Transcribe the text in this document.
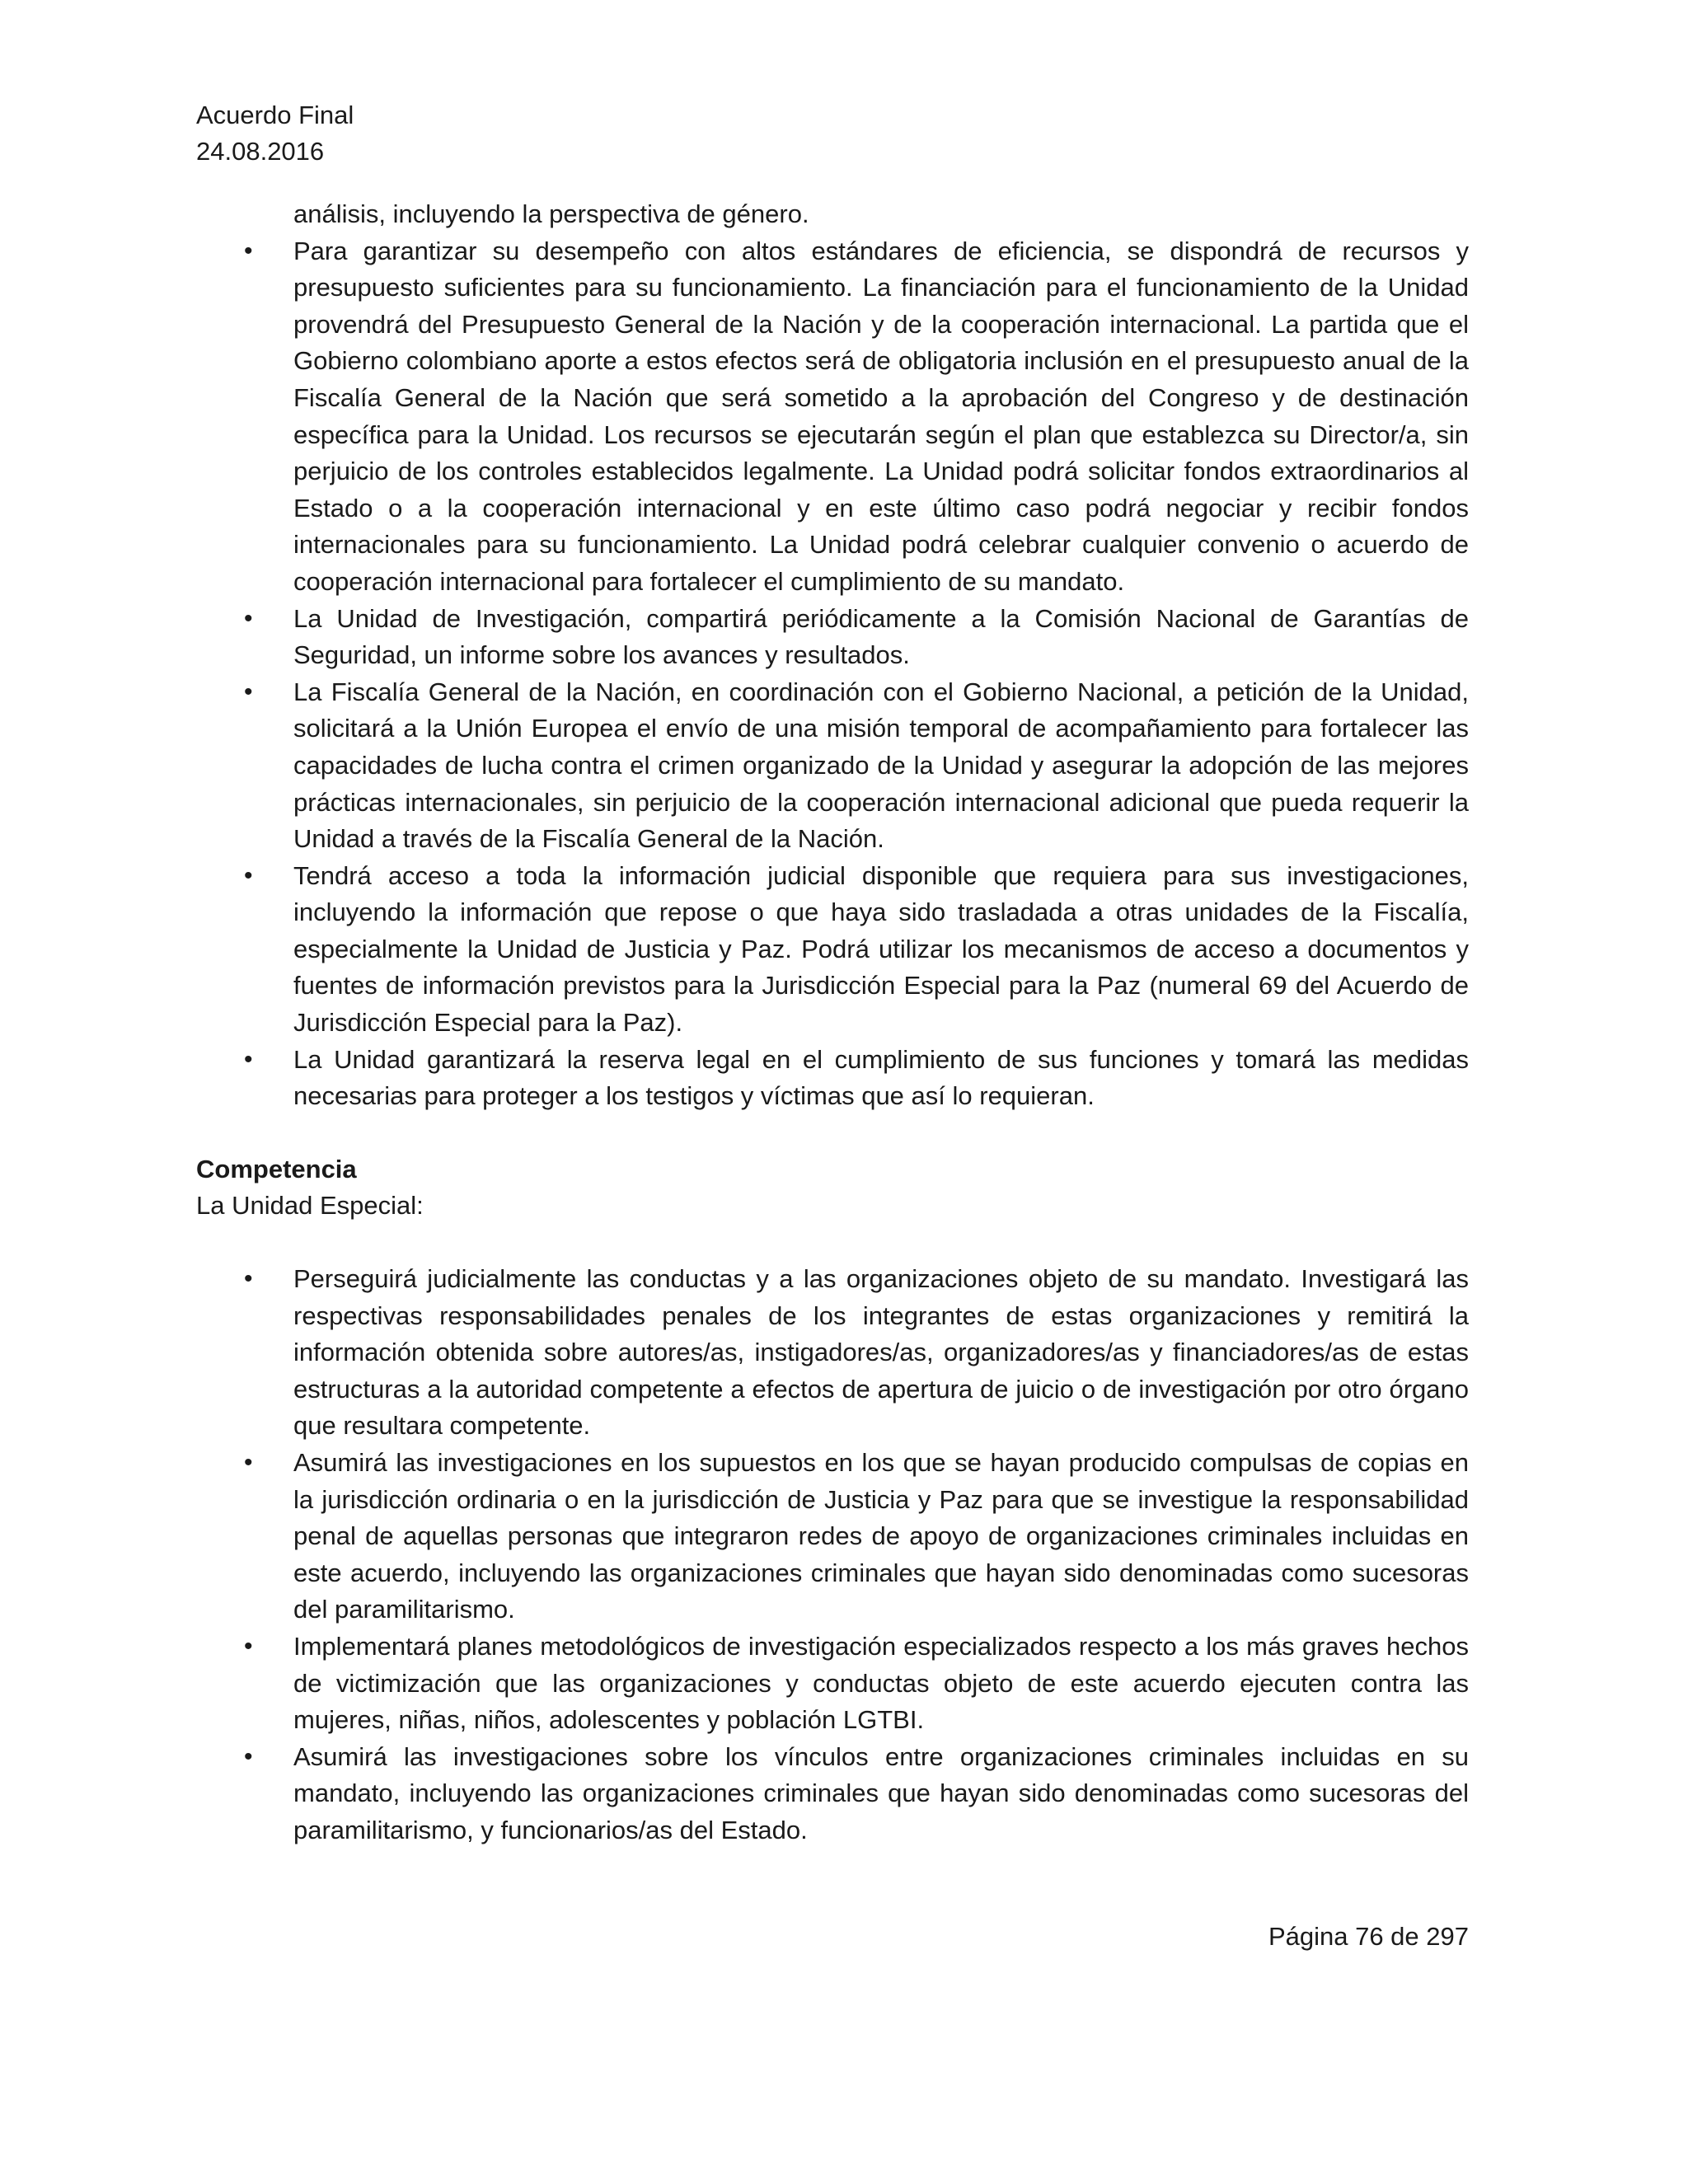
Acuerdo Final
24.08.2016
análisis, incluyendo la perspectiva de género.
• Para garantizar su desempeño con altos estándares de eficiencia, se dispondrá de recursos y presupuesto suficientes para su funcionamiento. La financiación para el funcionamiento de la Unidad provendrá del Presupuesto General de la Nación y de la cooperación internacional. La partida que el Gobierno colombiano aporte a estos efectos será de obligatoria inclusión en el presupuesto anual de la Fiscalía General de la Nación que será sometido a la aprobación del Congreso y de destinación específica para la Unidad. Los recursos se ejecutarán según el plan que establezca su Director/a, sin perjuicio de los controles establecidos legalmente. La Unidad podrá solicitar fondos extraordinarios al Estado o a la cooperación internacional y en este último caso podrá negociar y recibir fondos internacionales para su funcionamiento. La Unidad podrá celebrar cualquier convenio o acuerdo de cooperación internacional para fortalecer el cumplimiento de su mandato.
• La Unidad de Investigación, compartirá periódicamente a la Comisión Nacional de Garantías de Seguridad, un informe sobre los avances y resultados.
• La Fiscalía General de la Nación, en coordinación con el Gobierno Nacional, a petición de la Unidad, solicitará a la Unión Europea el envío de una misión temporal de acompañamiento para fortalecer las capacidades de lucha contra el crimen organizado de la Unidad y asegurar la adopción de las mejores prácticas internacionales, sin perjuicio de la cooperación internacional adicional que pueda requerir la Unidad a través de la Fiscalía General de la Nación.
• Tendrá acceso a toda la información judicial disponible que requiera para sus investigaciones, incluyendo la información que repose o que haya sido trasladada a otras unidades de la Fiscalía, especialmente la Unidad de Justicia y Paz. Podrá utilizar los mecanismos de acceso a documentos y fuentes de información previstos para la Jurisdicción Especial para la Paz (numeral 69 del Acuerdo de Jurisdicción Especial para la Paz).
• La Unidad garantizará la reserva legal en el cumplimiento de sus funciones y tomará las medidas necesarias para proteger a los testigos y víctimas que así lo requieran.
Competencia
La Unidad Especial:
• Perseguirá judicialmente las conductas y a las organizaciones objeto de su mandato. Investigará las respectivas responsabilidades penales de los integrantes de estas organizaciones y remitirá la información obtenida sobre autores/as, instigadores/as, organizadores/as y financiadores/as de estas estructuras a la autoridad competente a efectos de apertura de juicio o de investigación por otro órgano que resultara competente.
• Asumirá las investigaciones en los supuestos en los que se hayan producido compulsas de copias en la jurisdicción ordinaria o en la jurisdicción de Justicia y Paz para que se investigue la responsabilidad penal de aquellas personas que integraron redes de apoyo de organizaciones criminales incluidas en este acuerdo, incluyendo las organizaciones criminales que hayan sido denominadas como sucesoras del paramilitarismo.
• Implementará planes metodológicos de investigación especializados respecto a los más graves hechos de victimización que las organizaciones y conductas objeto de este acuerdo ejecuten contra las mujeres, niñas, niños, adolescentes y población LGTBI.
• Asumirá las investigaciones sobre los vínculos entre organizaciones criminales incluidas en su mandato, incluyendo las organizaciones criminales que hayan sido denominadas como sucesoras del paramilitarismo, y funcionarios/as del Estado.
Página 76 de 297
